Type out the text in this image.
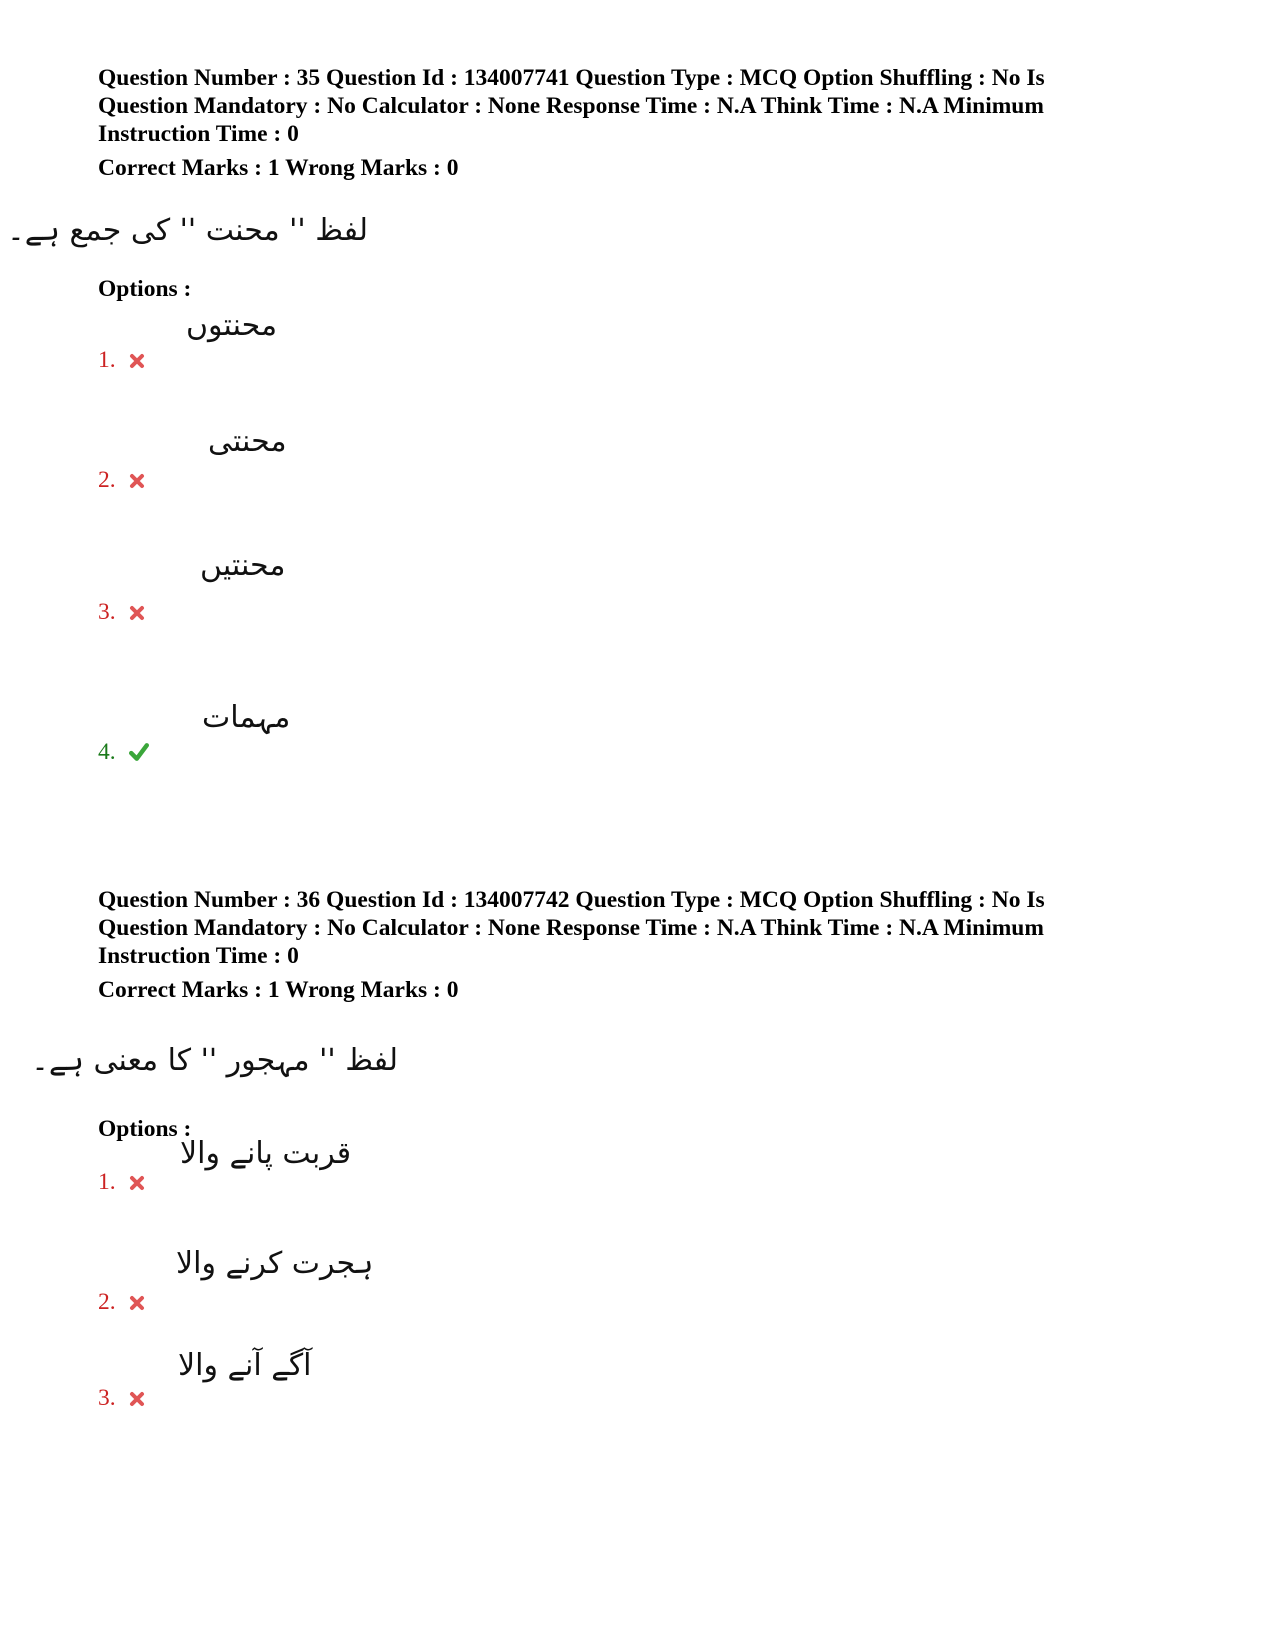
Question Number : 35 Question Id : 134007741 Question Type : MCQ Option Shuffling : No Is
Question Mandatory : No Calculator : None Response Time : N.A Think Time : N.A Minimum
Instruction Time : 0

Correct Marks : 1 Wrong Marks : 0
لفظ '' محنت '' کی جمع ہے۔
Options :
1.
محنتوں
2.
محنتی
3.
محنتیں
4.
مہمات

Question Number : 36 Question Id : 134007742 Question Type : MCQ Option Shuffling : No Is
Question Mandatory : No Calculator : None Response Time : N.A Think Time : N.A Minimum
Instruction Time : 0

Correct Marks : 1 Wrong Marks : 0
لفظ '' مہجور '' کا معنی ہے۔
Options :
1.
قربت پانے والا
2.
ہجرت کرنے والا
3.
آگے آنے والا
